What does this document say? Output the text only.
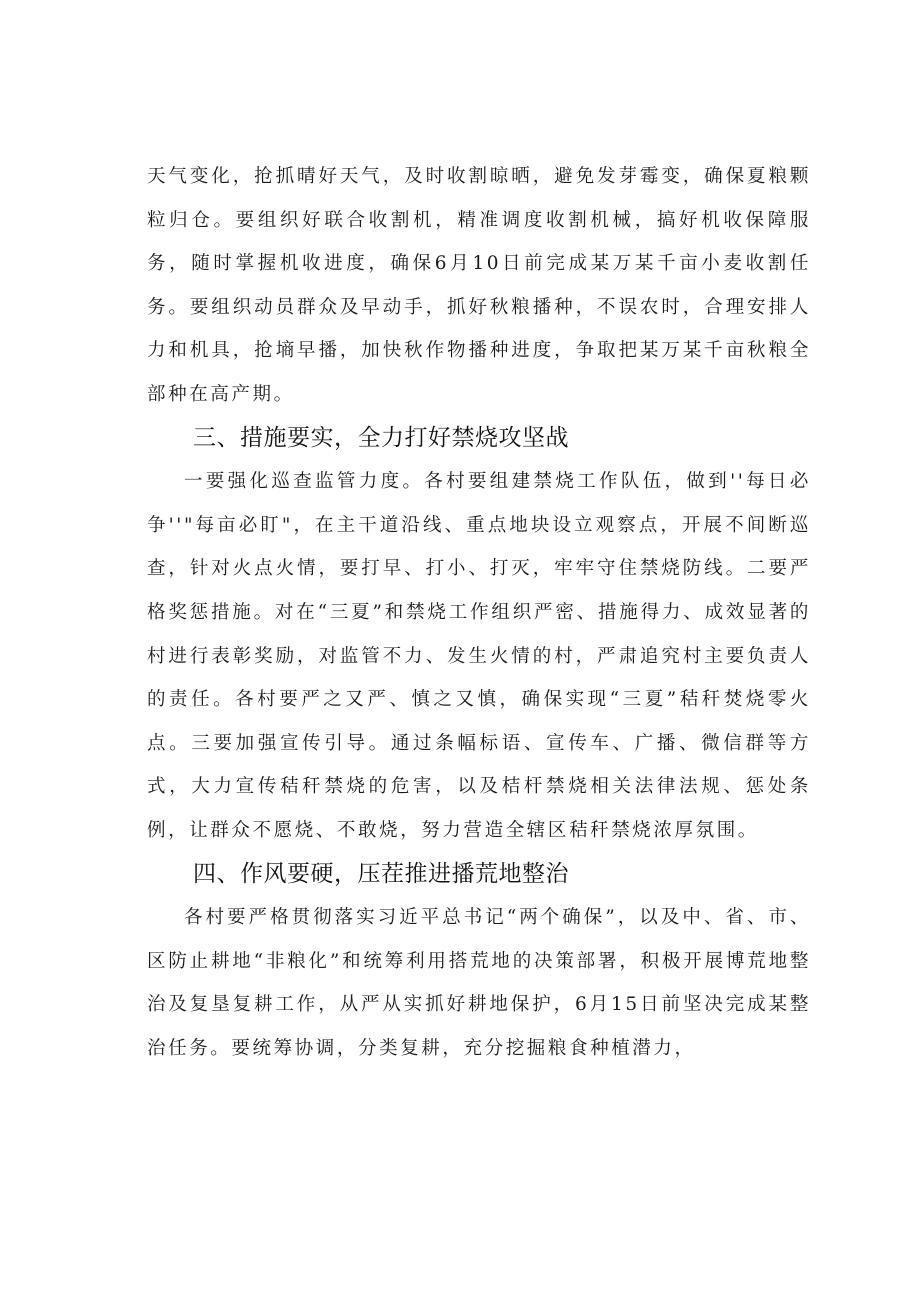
天气变化，抢抓晴好天气，及时收割晾晒，避免发芽霉变，确保夏粮颗粒归仓。要组织好联合收割机，精准调度收割机械，搞好机收保障服务，随时掌握机收进度，确保6月10日前完成某万某千亩小麦收割任务。要组织动员群众及早动手，抓好秋粮播种，不误农时，合理安排人力和机具，抢墒早播，加快秋作物播种进度，争取把某万某千亩秋粮全部种在高产期。

三、措施要实，全力打好禁烧攻坚战

一要强化巡查监管力度。各村要组建禁烧工作队伍，做到''每日必争''"每亩必盯"，在主干道沿线、重点地块设立观察点，开展不间断巡查，针对火点火情，要打早、打小、打灭，牢牢守住禁烧防线。二要严格奖惩措施。对在“三夏”和禁烧工作组织严密、措施得力、成效显著的村进行表彰奖励，对监管不力、发生火情的村，严肃追究村主要负责人的责任。各村要严之又严、慎之又慎，确保实现“三夏”秸秆焚烧零火点。三要加强宣传引导。通过条幅标语、宣传车、广播、微信群等方式，大力宣传秸秆禁烧的危害，以及桔杆禁烧相关法律法规、惩处条例，让群众不愿烧、不敢烧，努力营造全辖区秸秆禁烧浓厚氛围。

四、作风要硬，压茬推进播荒地整治

各村要严格贯彻落实习近平总书记“两个确保”，以及中、省、市、区防止耕地“非粮化”和统筹利用搭荒地的决策部署，积极开展博荒地整治及复垦复耕工作，从严从实抓好耕地保护，6月15日前坚决完成某整治任务。要统筹协调，分类复耕，充分挖掘粮食种植潜力，
